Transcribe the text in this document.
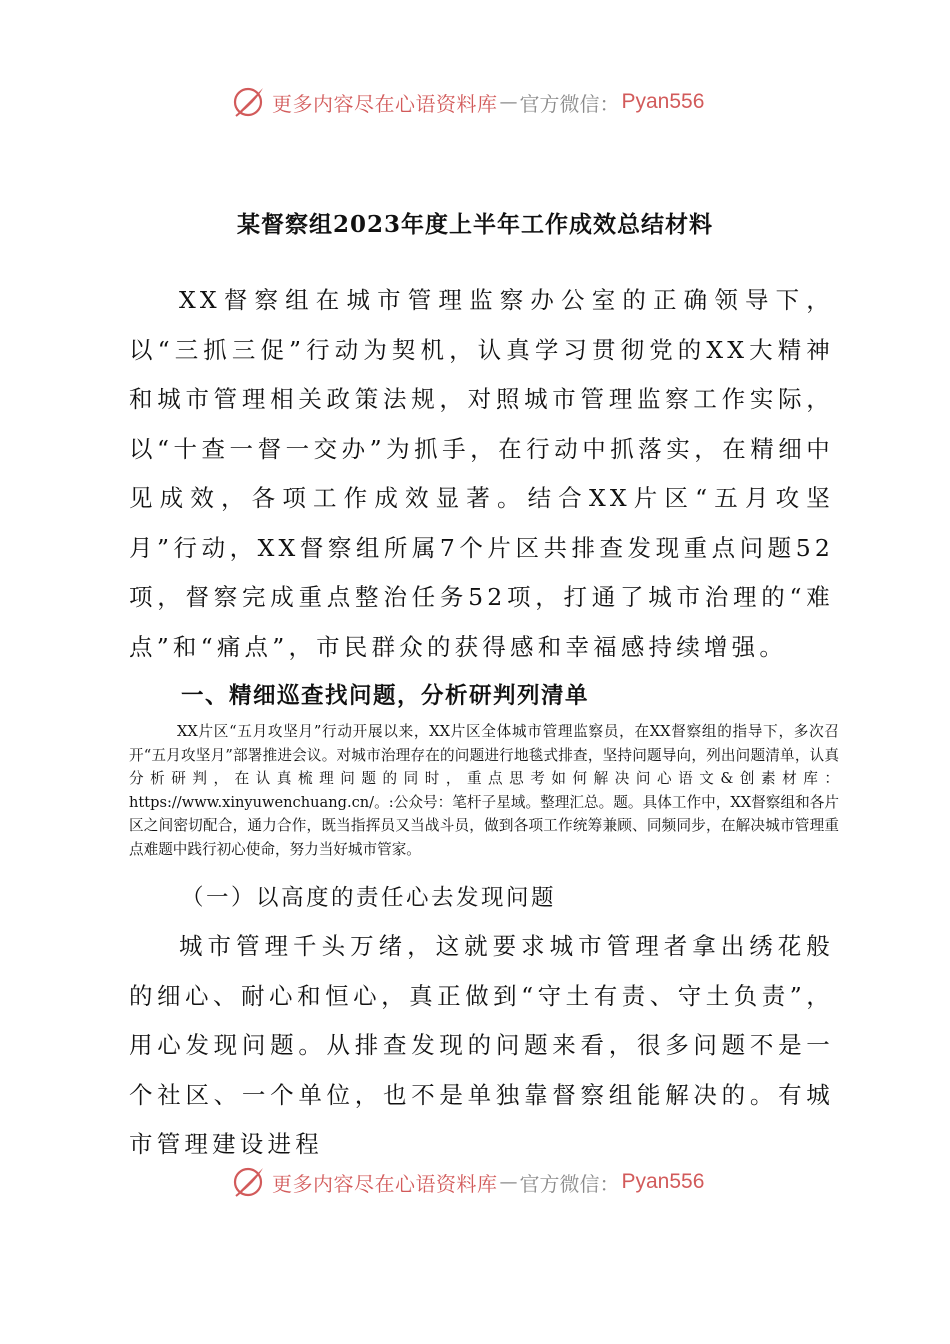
更多内容尽在心语资料库 — 官方微信： Pyan556
某督察组2023年度上半年工作成效总结材料

XX督察组在城市管理监察办公室的正确领导下，以“三抓三促”行动为契机，认真学习贯彻党的XX大精神和城市管理相关政策法规，对照城市管理监察工作实际，以“十查一督一交办”为抓手，在行动中抓落实，在精细中见成效，各项工作成效显著。结合XX片区“五月攻坚月”行动，XX督察组所属7个片区共排查发现重点问题52项，督察完成重点整治任务52项，打通了城市治理的“难点”和“痛点”，市民群众的获得感和幸福感持续增强。

一、精细巡查找问题，分析研判列清单

XX片区“五月攻坚月”行动开展以来，XX片区全体城市管理监察员，在XX督察组的指导下，多次召开“五月攻坚月”部署推进会议。对城市治理存在的问题进行地毯式排查，坚持问题导向，列出问题清单，认真分析研判，在认真梳理问题的同时，重点思考如何解决问心语文&创素材库：https://www.xinyuwenchuang.cn/。:公众号：笔杆子星域。整理汇总。题。具体工作中，XX督察组和各片区之间密切配合，通力合作，既当指挥员又当战斗员，做到各项工作统筹兼顾、同频同步，在解决城市管理重点难题中践行初心使命，努力当好城市管家。

（一）以高度的责任心去发现问题

城市管理千头万绪，这就要求城市管理者拿出绣花般的细心、耐心和恒心，真正做到“守土有责、守土负责”，用心发现问题。从排查发现的问题来看，很多问题不是一个社区、一个单位，也不是单独靠督察组能解决的。有城市管理建设进程

更多内容尽在心语资料库 — 官方微信： Pyan556
